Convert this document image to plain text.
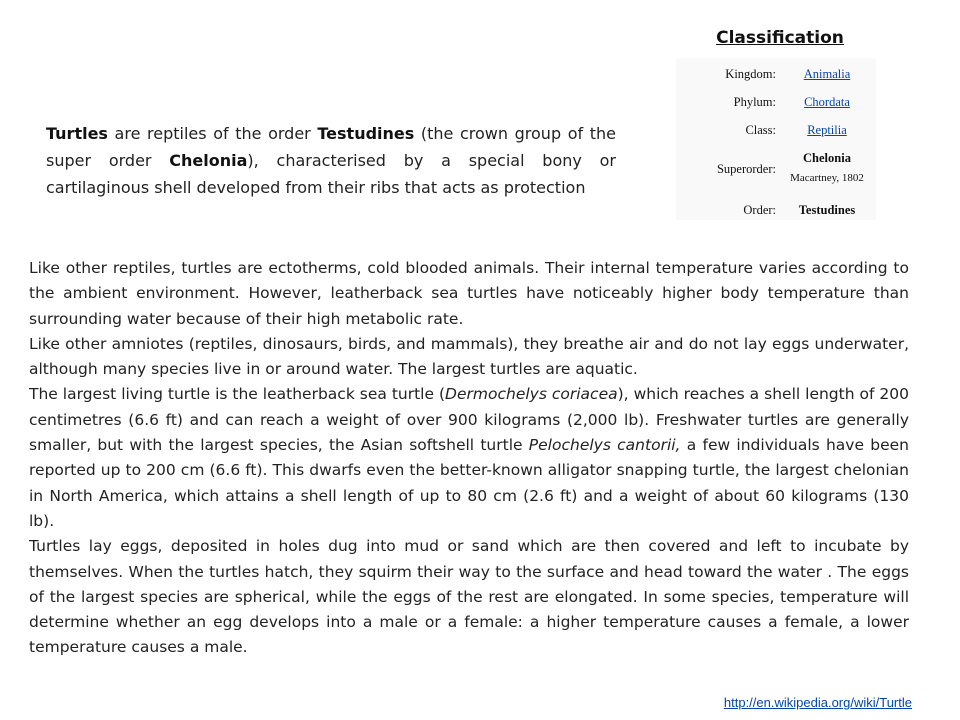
Classification
Kingdom:	Animalia
Phylum:	Chordata
Class:	Reptilia
Superorder:
Chelonia
Macartney, 1802
Order:	Testudines
Turtles are reptiles of the order Testudines (the crown group of the super order Chelonia), characterised by a special bony or cartilaginous shell developed from their ribs that acts as protection

Like other reptiles, turtles are ectotherms, cold blooded animals. Their internal temperature varies according to the ambient environment. However, leatherback sea turtles have noticeably higher body temperature than surrounding water because of their high metabolic rate.

Like other amniotes (reptiles, dinosaurs, birds, and mammals), they breathe air and do not lay eggs underwater, although many species live in or around water. The largest turtles are aquatic.

The largest living turtle is the leatherback sea turtle (Dermochelys coriacea), which reaches a shell length of 200 centimetres (6.6 ft) and can reach a weight of over 900 kilograms (2,000 lb). Freshwater turtles are generally smaller, but with the largest species, the Asian softshell turtle Pelochelys cantorii, a few individuals have been reported up to 200 cm (6.6 ft). This dwarfs even the better-known alligator snapping turtle, the largest chelonian in North America, which attains a shell length of up to 80 cm (2.6 ft) and a weight of about 60 kilograms (130 lb).

Turtles lay eggs, deposited in holes dug into mud or sand which are then covered and left to incubate by themselves. When the turtles hatch, they squirm their way to the surface and head toward the water . The eggs of the largest species are spherical, while the eggs of the rest are elongated. In some species, temperature will determine whether an egg develops into a male or a female: a higher temperature causes a female, a lower temperature causes a male.

http://en.wikipedia.org/wiki/Turtle
